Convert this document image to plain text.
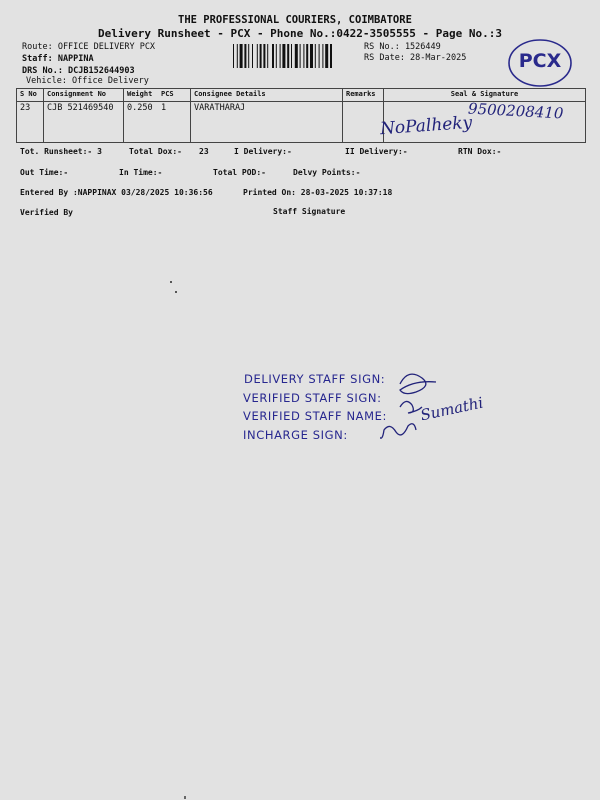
THE PROFESSIONAL COURIERS, COIMBATORE
Delivery Runsheet - PCX - Phone No.:0422-3505555 - Page No.:3
Route: OFFICE DELIVERY PCX
Staff: NAPPINA
DRS No.: DCJB152644903
Vehicle: Office Delivery
RS No.: 1526449
RS Date: 28-Mar-2025	PCX
S No	Consignment No	Weight	PCS	Consignee Details	Remarks	Seal & Signature
23	CJB 521469540	0.250	1	VARATHARAJ			9500208410
NoPalheky
Tot. Runsheet:- 3	Total Dox:- 23	I Delivery:-	II Delivery:-	RTN Dox:-
Out Time:-	In Time:-	Total POD:-	Delvy Points:-
Entered By :NAPPINAX 03/28/2025 10:36:56	Printed On: 28-03-2025 10:37:18
Verified By	Staff Signature
DELIVERY STAFF SIGN:
VERIFIED STAFF SIGN:
VERIFIED STAFF NAME:
INCHARGE SIGN:
Sumathi
